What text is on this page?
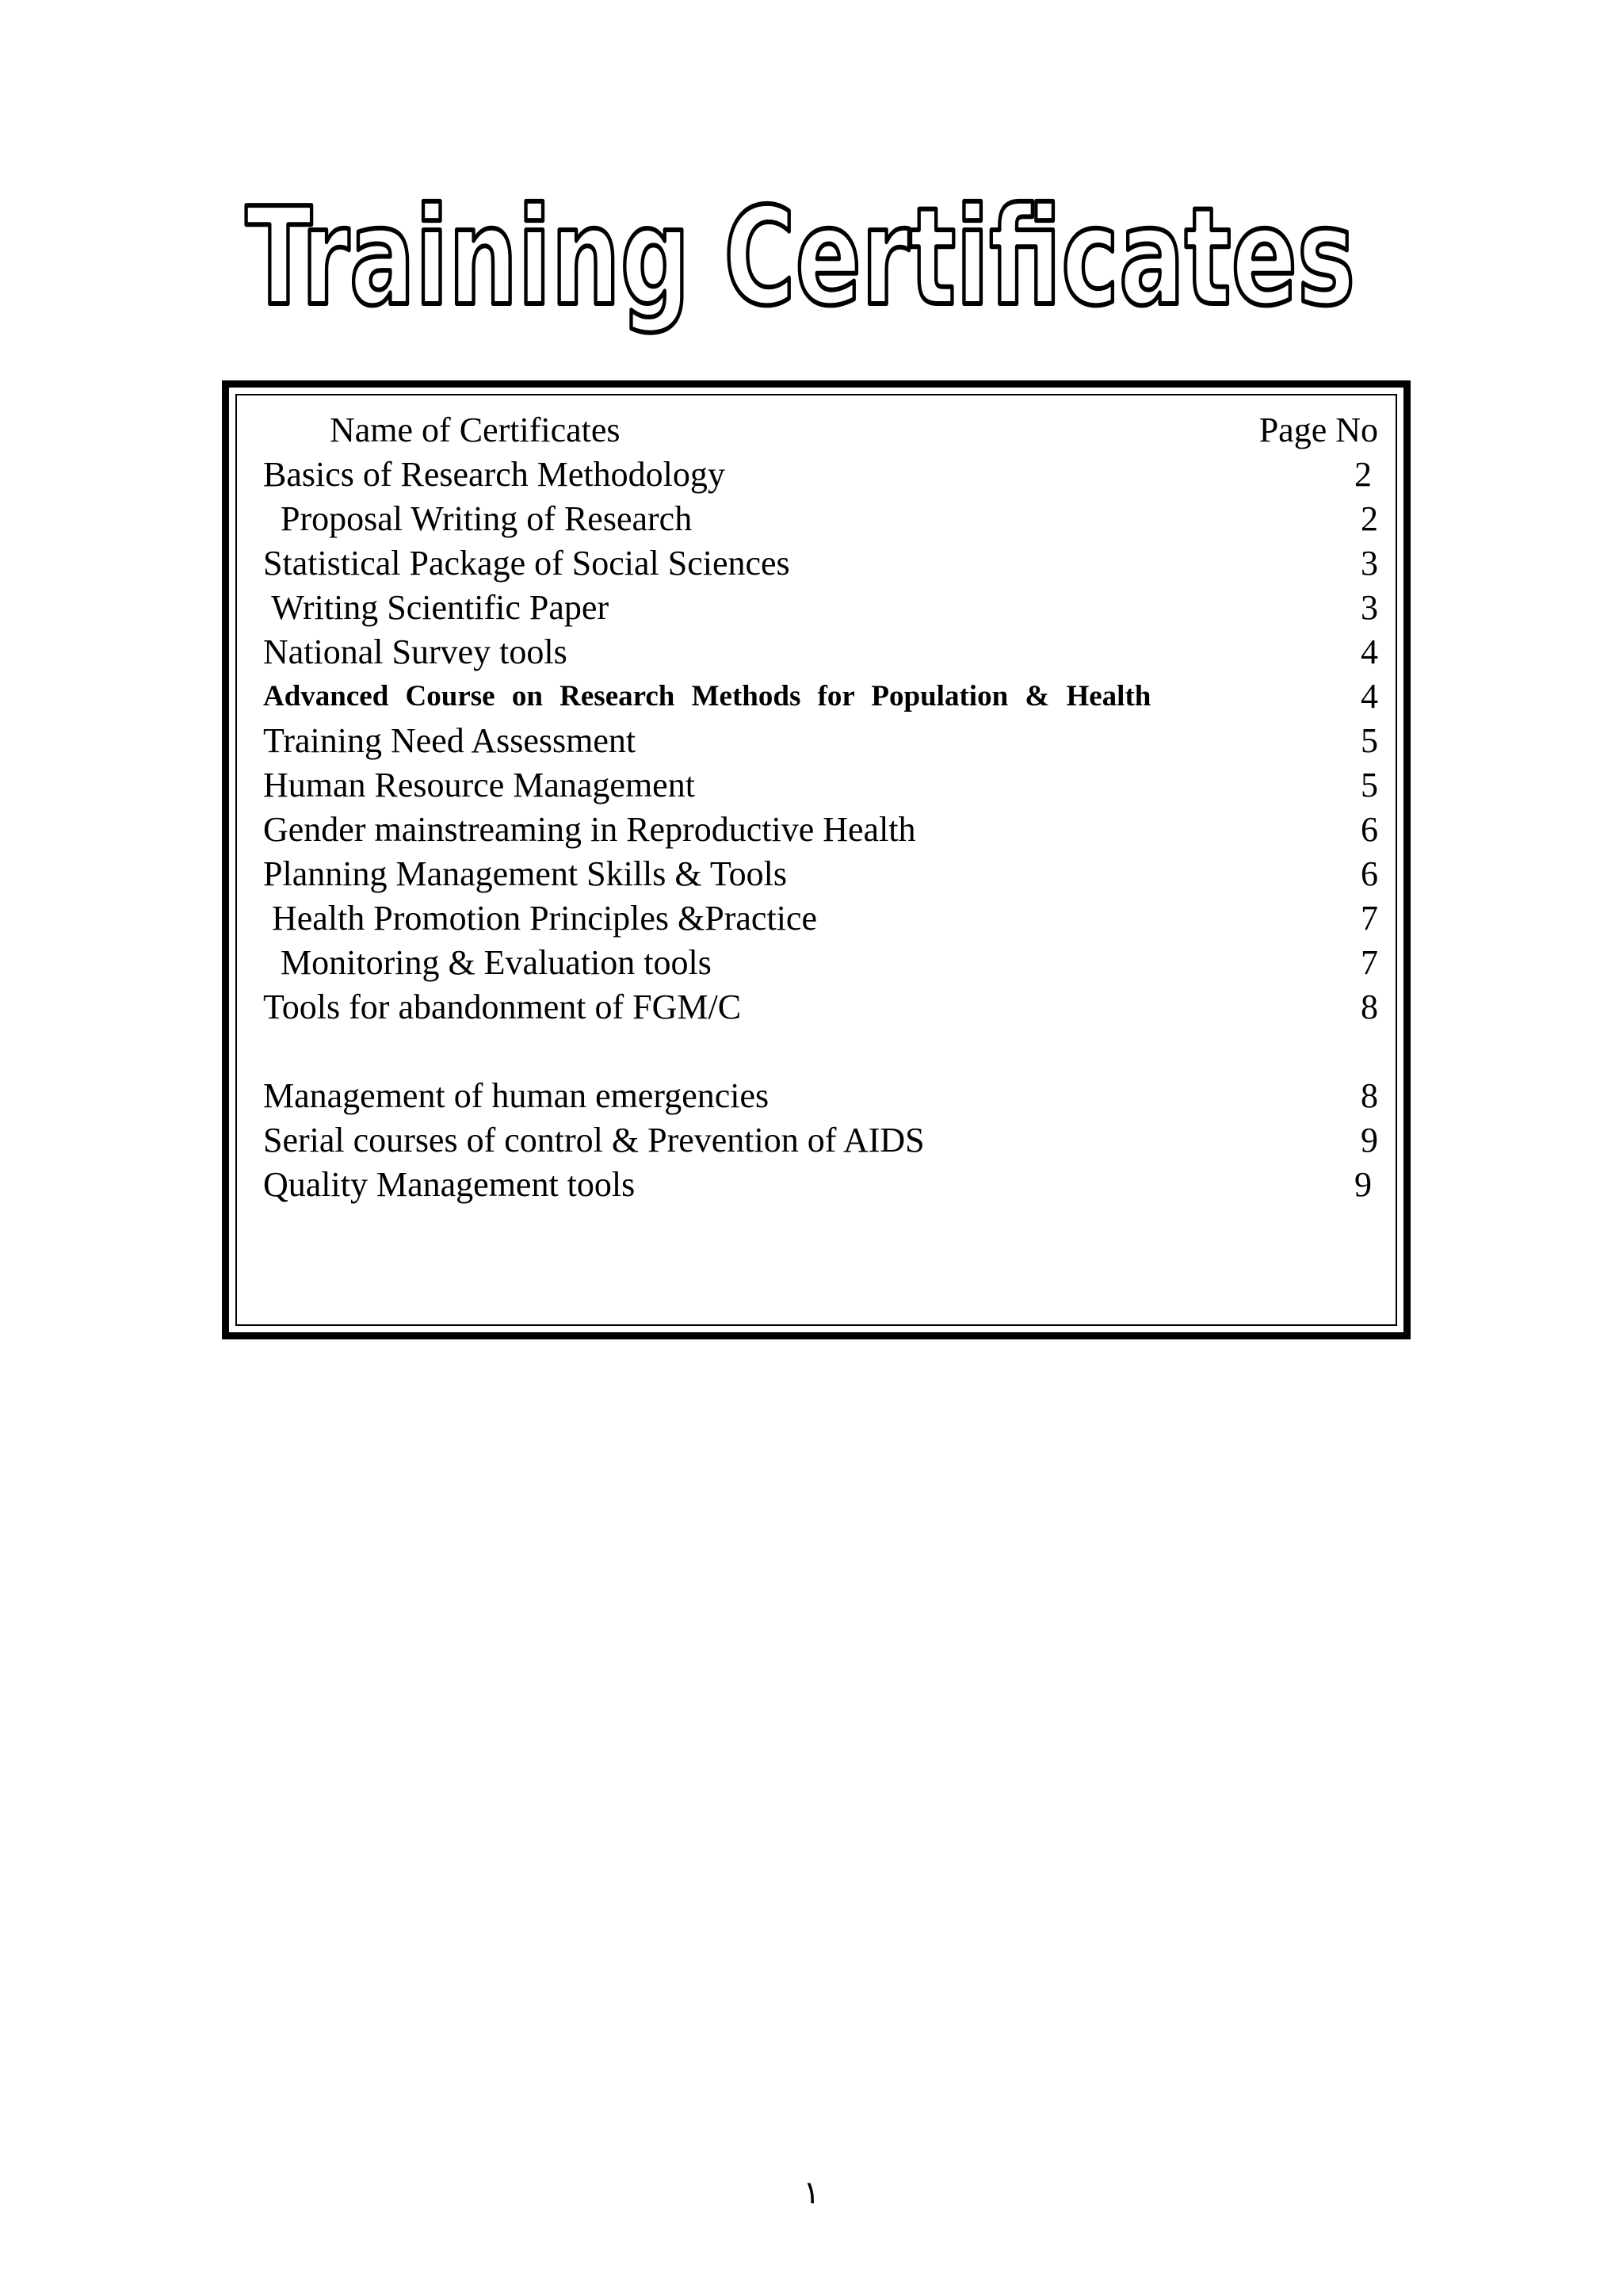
Training Certificates
Name of Certificates	Page No
Basics of Research Methodology	2
Proposal Writing of Research	2
Statistical Package of Social Sciences	3
Writing Scientific Paper	3
National Survey tools	4
Advanced Course on Research Methods for Population & Health	4
Training Need Assessment	5
Human Resource Management	5
Gender mainstreaming in Reproductive Health	6
Planning Management Skills & Tools	6
Health Promotion Principles &Practice	7
Monitoring & Evaluation tools	7
Tools for abandonment of FGM/C	8
Management of human emergencies	8
Serial courses of control & Prevention of AIDS	9
Quality Management tools	9
١
